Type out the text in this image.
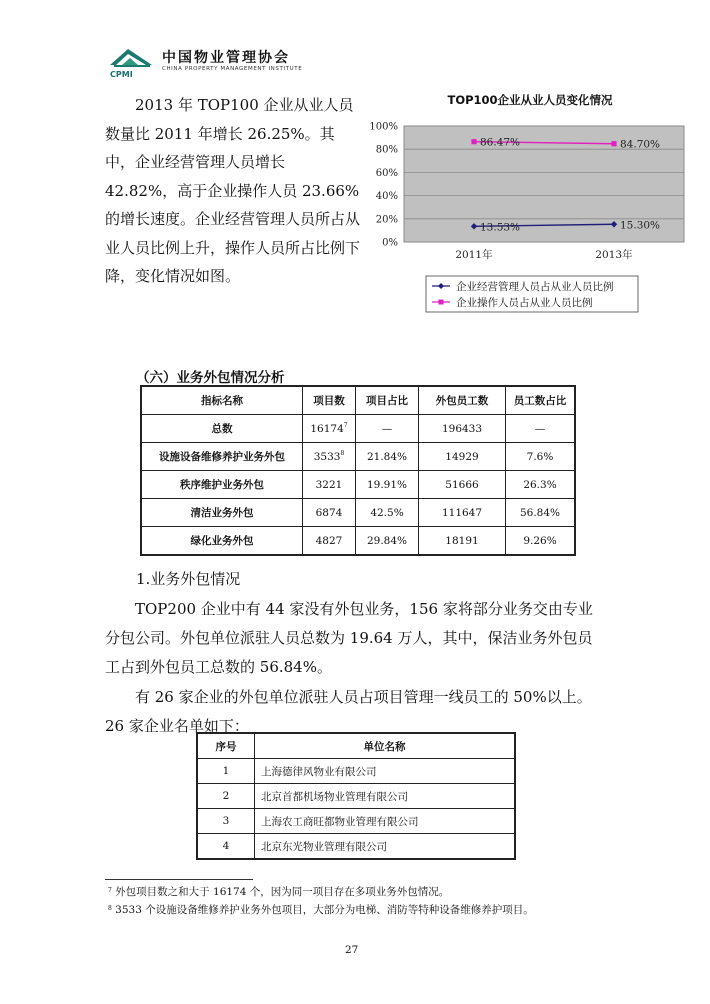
CPMI
中国物业管理协会
CHINA PROPERTY MANAGEMENT INSTITUTE
2013 年 TOP100 企业从业人员数量比 2011 年增长 26.25%。其中，企业经营管理人员增长 42.82%，高于企业操作人员 23.66%的增长速度。企业经营管理人员所占从业人员比例上升，操作人员所占比例下降，变化情况如图。
TOP100企业从业人员变化情况
0%
20%
40%
60%
80%
100%
2011年	2013年
13.53%	15.30%
86.47%	84.70%
企业经营管理人员占从业人员比例
企业操作人员占从业人员比例
（六）业务外包情况分析
指标名称	项目数	项目占比	外包员工数	员工数占比
总数	16174$^7$	—	196433	—
设施设备维修养护业务外包	3533$^8$	21.84%	14929	7.6%
秩序维护业务外包	3221	19.91%	51666	26.3%
清洁业务外包	6874	42.5%	111647	56.84%
绿化业务外包	4827	29.84%	18191	9.26%
1.业务外包情况
TOP200 企业中有 44 家没有外包业务，156 家将部分业务交由专业分包公司。外包单位派驻人员总数为 19.64 万人，其中，保洁业务外包员工占到外包员工总数的 56.84%。
有 26 家企业的外包单位派驻人员占项目管理一线员工的 50%以上。26 家企业名单如下：
序号	单位名称
1	上海德律风物业有限公司
2	北京首都机场物业管理有限公司
3	上海农工商旺都物业管理有限公司
4	北京东光物业管理有限公司
$^7$ 外包项目数之和大于 16174 个，因为同一项目存在多项业务外包情况。
$^8$ 3533 个设施设备维修养护业务外包项目，大部分为电梯、消防等特种设备维修养护项目。
27
